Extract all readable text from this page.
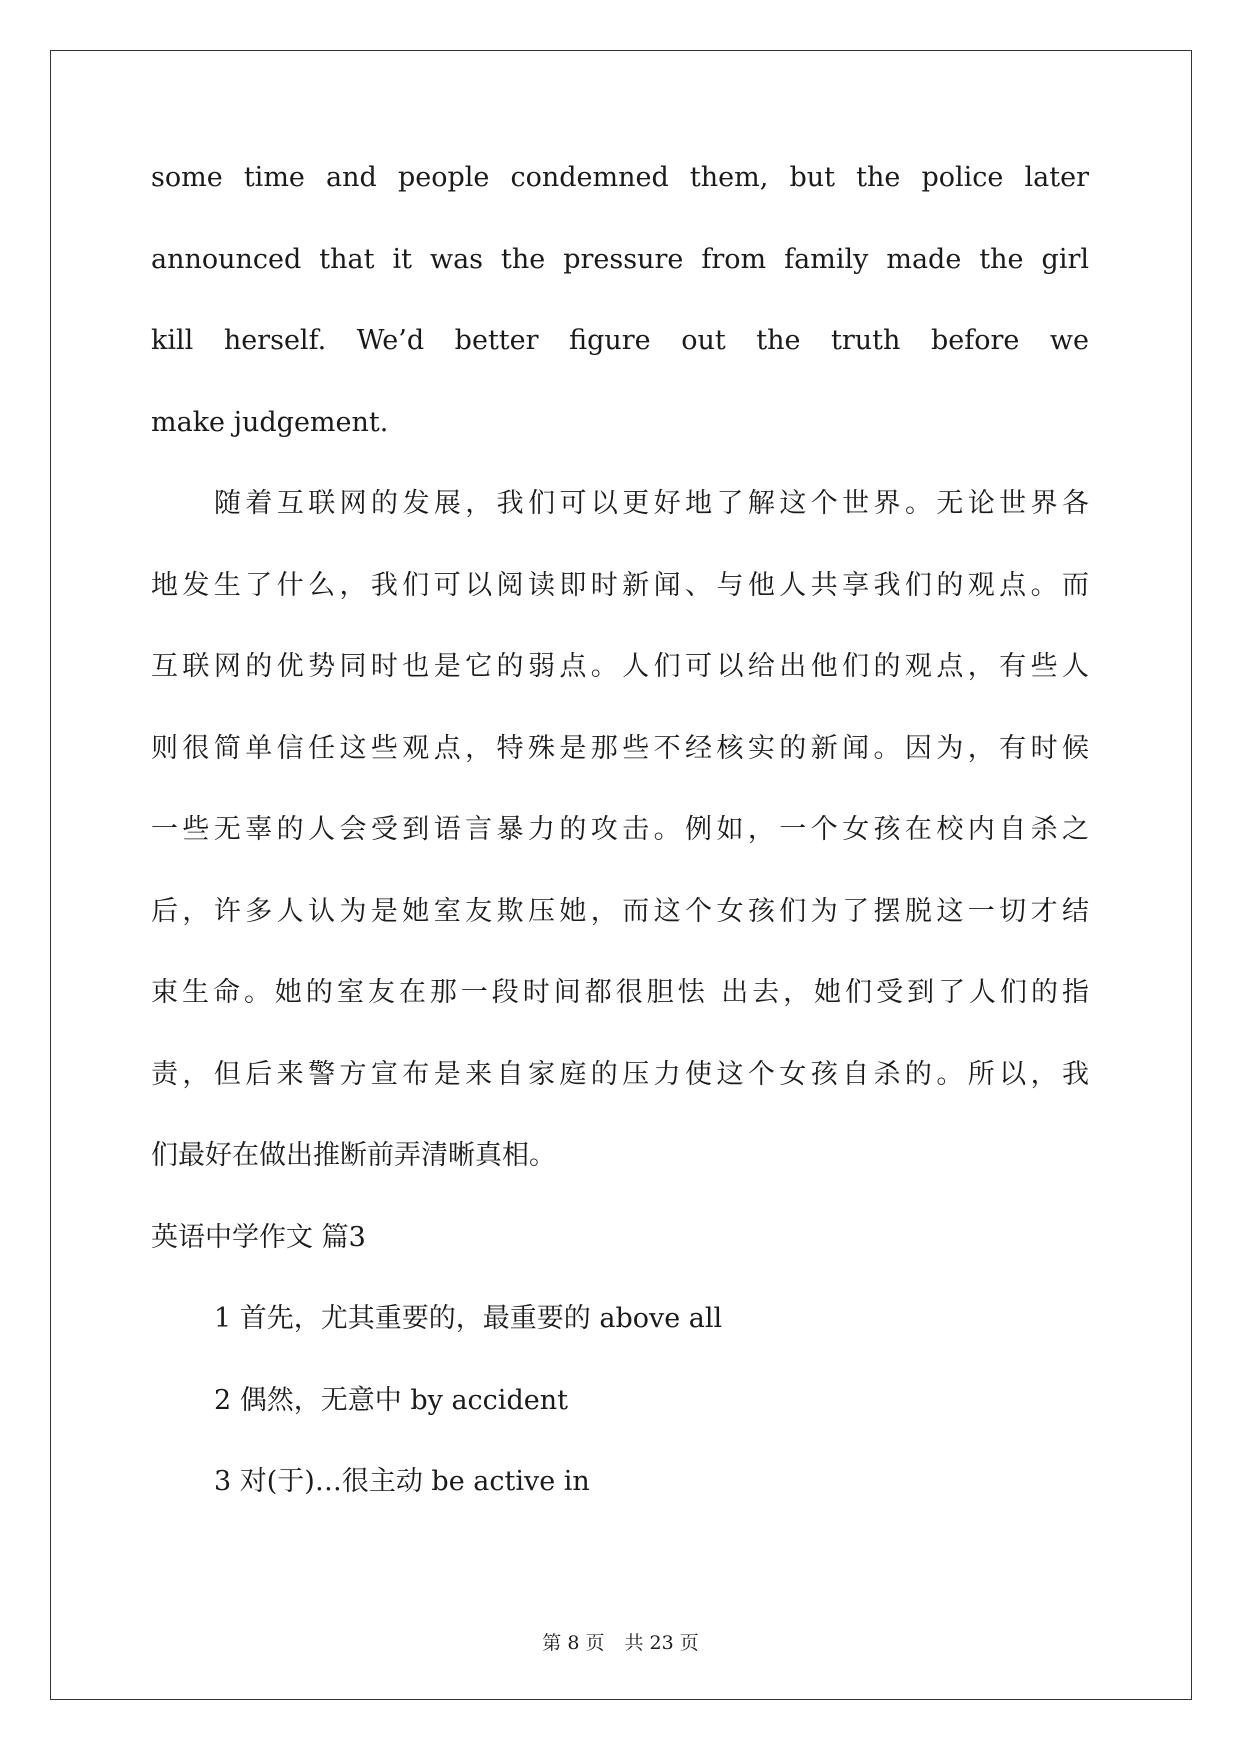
some time and people condemned them, but the police later
announced that it was the pressure from family made the girl
kill herself. We’d better figure out the truth before we
make judgement.
随着互联网的发展，我们可以更好地了解这个世界。无论世界各
地发生了什么，我们可以阅读即时新闻、与他人共享我们的观点。而
互联网的优势同时也是它的弱点。人们可以给出他们的观点，有些人
则很简单信任这些观点，特殊是那些不经核实的新闻。因为，有时候
一些无辜的人会受到语言暴力的攻击。例如，一个女孩在校内自杀之
后，许多人认为是她室友欺压她，而这个女孩们为了摆脱这一切才结
束生命。她的室友在那一段时间都很胆怯 出去，她们受到了人们的指
责，但后来警方宣布是来自家庭的压力使这个女孩自杀的。所以，我
们最好在做出推断前弄清晰真相。
英语中学作文 篇3
1 首先，尤其重要的，最重要的 above all
2 偶然，无意中 by accident
3 对(于)…很主动 be active in
第 8 页 共 23 页
